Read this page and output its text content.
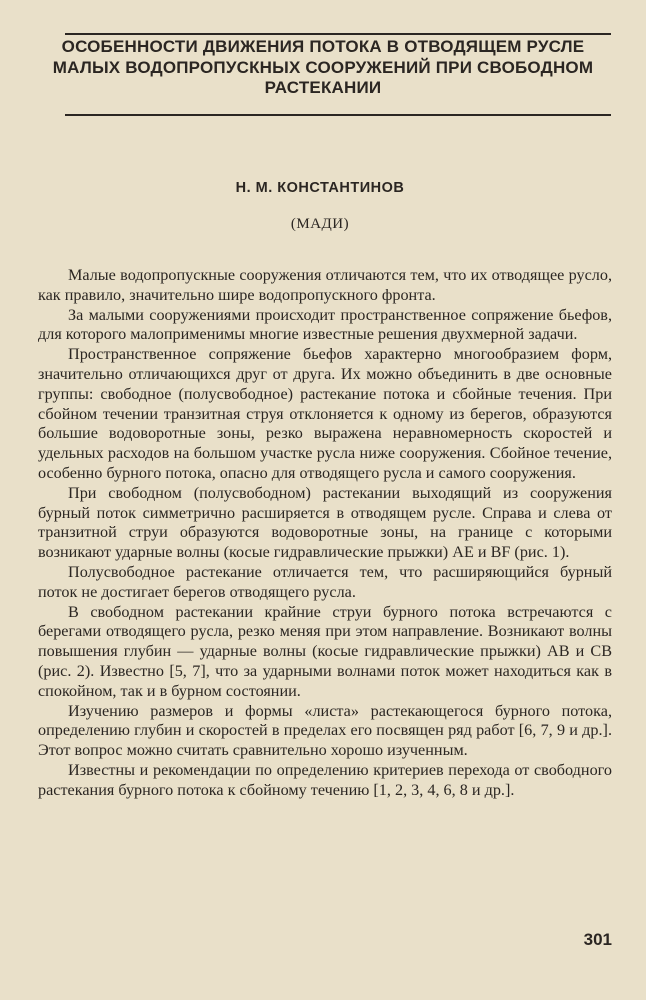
ОСОБЕННОСТИ ДВИЖЕНИЯ ПОТОКА В ОТВОДЯЩЕМ РУСЛЕ МАЛЫХ ВОДОПРОПУСКНЫХ СООРУЖЕНИЙ ПРИ СВОБОДНОМ РАСТЕКАНИИ
Н. М. КОНСТАНТИНОВ
(МАДИ)

Малые водопропускные сооружения отличаются тем, что их отводящее русло, как правило, значительно шире водопропускного фронта.

За малыми сооружениями происходит пространственное сопряжение бьефов, для которого малоприменимы многие известные решения двухмерной задачи.

Пространственное сопряжение бьефов характерно многообразием форм, значительно отличающихся друг от друга. Их можно объединить в две основные группы: свободное (полусвободное) растекание потока и сбойные течения. При сбойном течении транзитная струя отклоняется к одному из берегов, образуются большие водоворотные зоны, резко выражена неравномерность скоростей и удельных расходов на большом участке русла ниже сооружения. Сбойное течение, особенно бурного потока, опасно для отводящего русла и самого сооружения.

При свободном (полусвободном) растекании выходящий из сооружения бурный поток симметрично расширяется в отводящем русле. Справа и слева от транзитной струи образуются водоворотные зоны, на границе с которыми возникают ударные волны (косые гидравлические прыжки) AE и BF (рис. 1).

Полусвободное растекание отличается тем, что расширяющийся бурный поток не достигает берегов отводящего русла.

В свободном растекании крайние струи бурного потока встречаются с берегами отводящего русла, резко меняя при этом направление. Возникают волны повышения глубин — ударные волны (косые гидравлические прыжки) AB и CB (рис. 2). Известно [5, 7], что за ударными волнами поток может находиться как в спокойном, так и в бурном состоянии.

Изучению размеров и формы «листа» растекающегося бурного потока, определению глубин и скоростей в пределах его посвящен ряд работ [6, 7, 9 и др.]. Этот вопрос можно считать сравнительно хорошо изученным.

Известны и рекомендации по определению критериев перехода от свободного растекания бурного потока к сбойному течению [1, 2, 3, 4, 6, 8 и др.].

301
